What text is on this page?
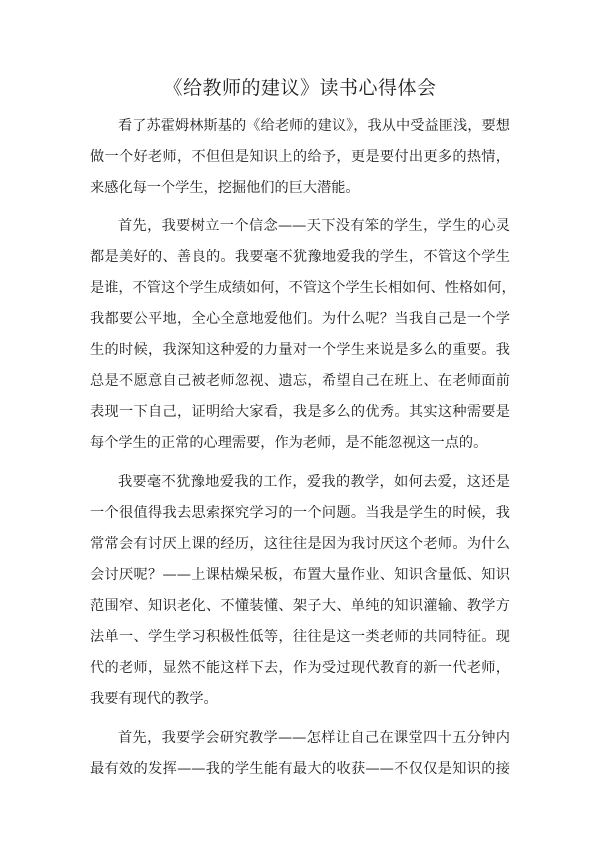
《给教师的建议》读书心得体会

看了苏霍姆林斯基的《给老师的建议》，我从中受益匪浅，要想

做一个好老师，不但但是知识上的给予，更是要付出更多的热情，

来感化每一个学生，挖掘他们的巨大潜能。

首先，我要树立一个信念——天下没有笨的学生，学生的心灵

都是美好的、善良的。我要毫不犹豫地爱我的学生，不管这个学生

是谁，不管这个学生成绩如何，不管这个学生长相如何、性格如何，

我都要公平地，全心全意地爱他们。为什么呢？当我自己是一个学

生的时候，我深知这种爱的力量对一个学生来说是多么的重要。我

总是不愿意自己被老师忽视、遗忘，希望自己在班上、在老师面前

表现一下自己，证明给大家看，我是多么的优秀。其实这种需要是

每个学生的正常的心理需要，作为老师，是不能忽视这一点的。

我要毫不犹豫地爱我的工作，爱我的教学，如何去爱，这还是

一个很值得我去思索探究学习的一个问题。当我是学生的时候，我

常常会有讨厌上课的经历，这往往是因为我讨厌这个老师。为什么

会讨厌呢？——上课枯燥呆板，布置大量作业、知识含量低、知识

范围窄、知识老化、不懂装懂、架子大、单纯的知识灌输、教学方

法单一、学生学习积极性低等，往往是这一类老师的共同特征。现

代的老师，显然不能这样下去，作为受过现代教育的新一代老师，

我要有现代的教学。

首先，我要学会研究教学——怎样让自己在课堂四十五分钟内

最有效的发挥——我的学生能有最大的收获——不仅仅是知识的接
